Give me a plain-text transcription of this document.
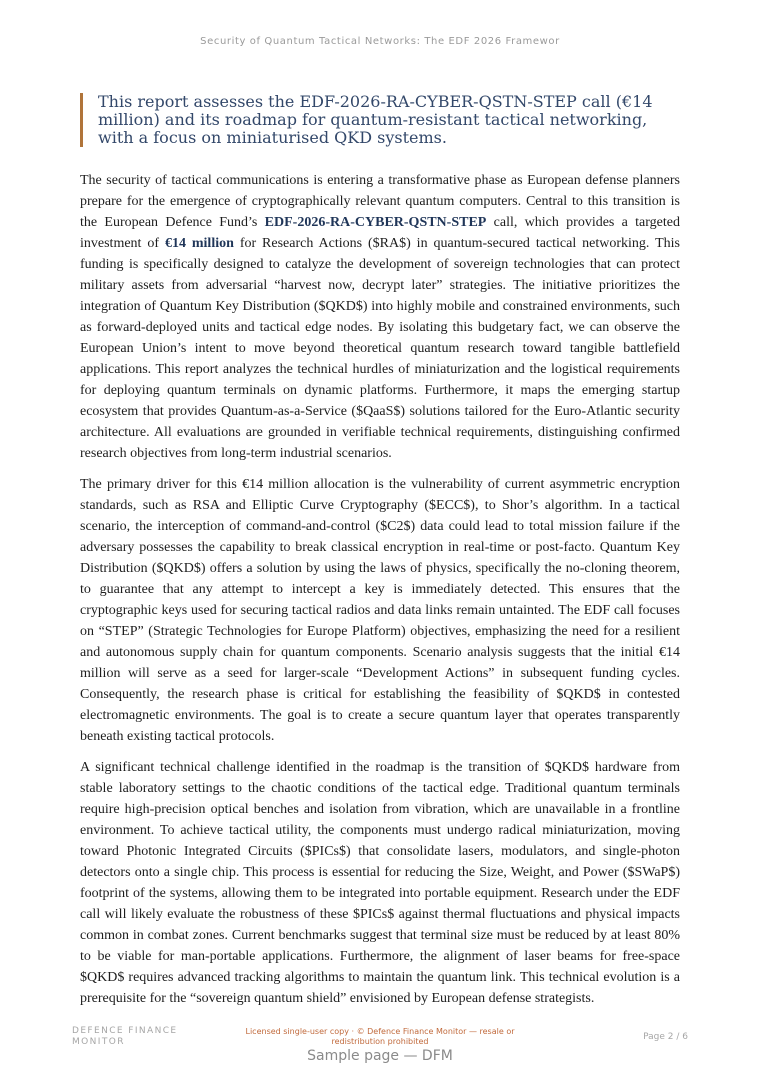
Security of Quantum Tactical Networks: The EDF 2026 Framewor
This report assesses the EDF-2026-RA-CYBER-QSTN-STEP call (€14 million) and its roadmap for quantum-resistant tactical networking, with a focus on miniaturised QKD systems.

The security of tactical communications is entering a transformative phase as European defense planners prepare for the emergence of cryptographically relevant quantum computers. Central to this transition is the European Defence Fund’s EDF-2026-RA-CYBER-QSTN-STEP call, which provides a targeted investment of €14 million for Research Actions ($RA$) in quantum-secured tactical networking. This funding is specifically designed to catalyze the development of sovereign technologies that can protect military assets from adversarial “harvest now, decrypt later” strategies. The initiative prioritizes the integration of Quantum Key Distribution ($QKD$) into highly mobile and constrained environments, such as forward-deployed units and tactical edge nodes. By isolating this budgetary fact, we can observe the European Union’s intent to move beyond theoretical quantum research toward tangible battlefield applications. This report analyzes the technical hurdles of miniaturization and the logistical requirements for deploying quantum terminals on dynamic platforms. Furthermore, it maps the emerging startup ecosystem that provides Quantum-as-a-Service ($QaaS$) solutions tailored for the Euro-Atlantic security architecture. All evaluations are grounded in verifiable technical requirements, distinguishing confirmed research objectives from long-term industrial scenarios.

The primary driver for this €14 million allocation is the vulnerability of current asymmetric encryption standards, such as RSA and Elliptic Curve Cryptography ($ECC$), to Shor’s algorithm. In a tactical scenario, the interception of command-and-control ($C2$) data could lead to total mission failure if the adversary possesses the capability to break classical encryption in real-time or post-facto. Quantum Key Distribution ($QKD$) offers a solution by using the laws of physics, specifically the no-cloning theorem, to guarantee that any attempt to intercept a key is immediately detected. This ensures that the cryptographic keys used for securing tactical radios and data links remain untainted. The EDF call focuses on “STEP” (Strategic Technologies for Europe Platform) objectives, emphasizing the need for a resilient and autonomous supply chain for quantum components. Scenario analysis suggests that the initial €14 million will serve as a seed for larger-scale “Development Actions” in subsequent funding cycles. Consequently, the research phase is critical for establishing the feasibility of $QKD$ in contested electromagnetic environments. The goal is to create a secure quantum layer that operates transparently beneath existing tactical protocols.

A significant technical challenge identified in the roadmap is the transition of $QKD$ hardware from stable laboratory settings to the chaotic conditions of the tactical edge. Traditional quantum terminals require high-precision optical benches and isolation from vibration, which are unavailable in a frontline environment. To achieve tactical utility, the components must undergo radical miniaturization, moving toward Photonic Integrated Circuits ($PICs$) that consolidate lasers, modulators, and single-photon detectors onto a single chip. This process is essential for reducing the Size, Weight, and Power ($SWaP$) footprint of the systems, allowing them to be integrated into portable equipment. Research under the EDF call will likely evaluate the robustness of these $PICs$ against thermal fluctuations and physical impacts common in combat zones. Current benchmarks suggest that terminal size must be reduced by at least 80% to be viable for man-portable applications. Furthermore, the alignment of laser beams for free-space $QKD$ requires advanced tracking algorithms to maintain the quantum link. This technical evolution is a prerequisite for the “sovereign quantum shield” envisioned by European defense strategists.

DEFENCE FINANCE MONITOR
Licensed single-user copy · © Defence Finance Monitor — resale or redistribution prohibited	Page 2 / 6
Sample page — DFM
